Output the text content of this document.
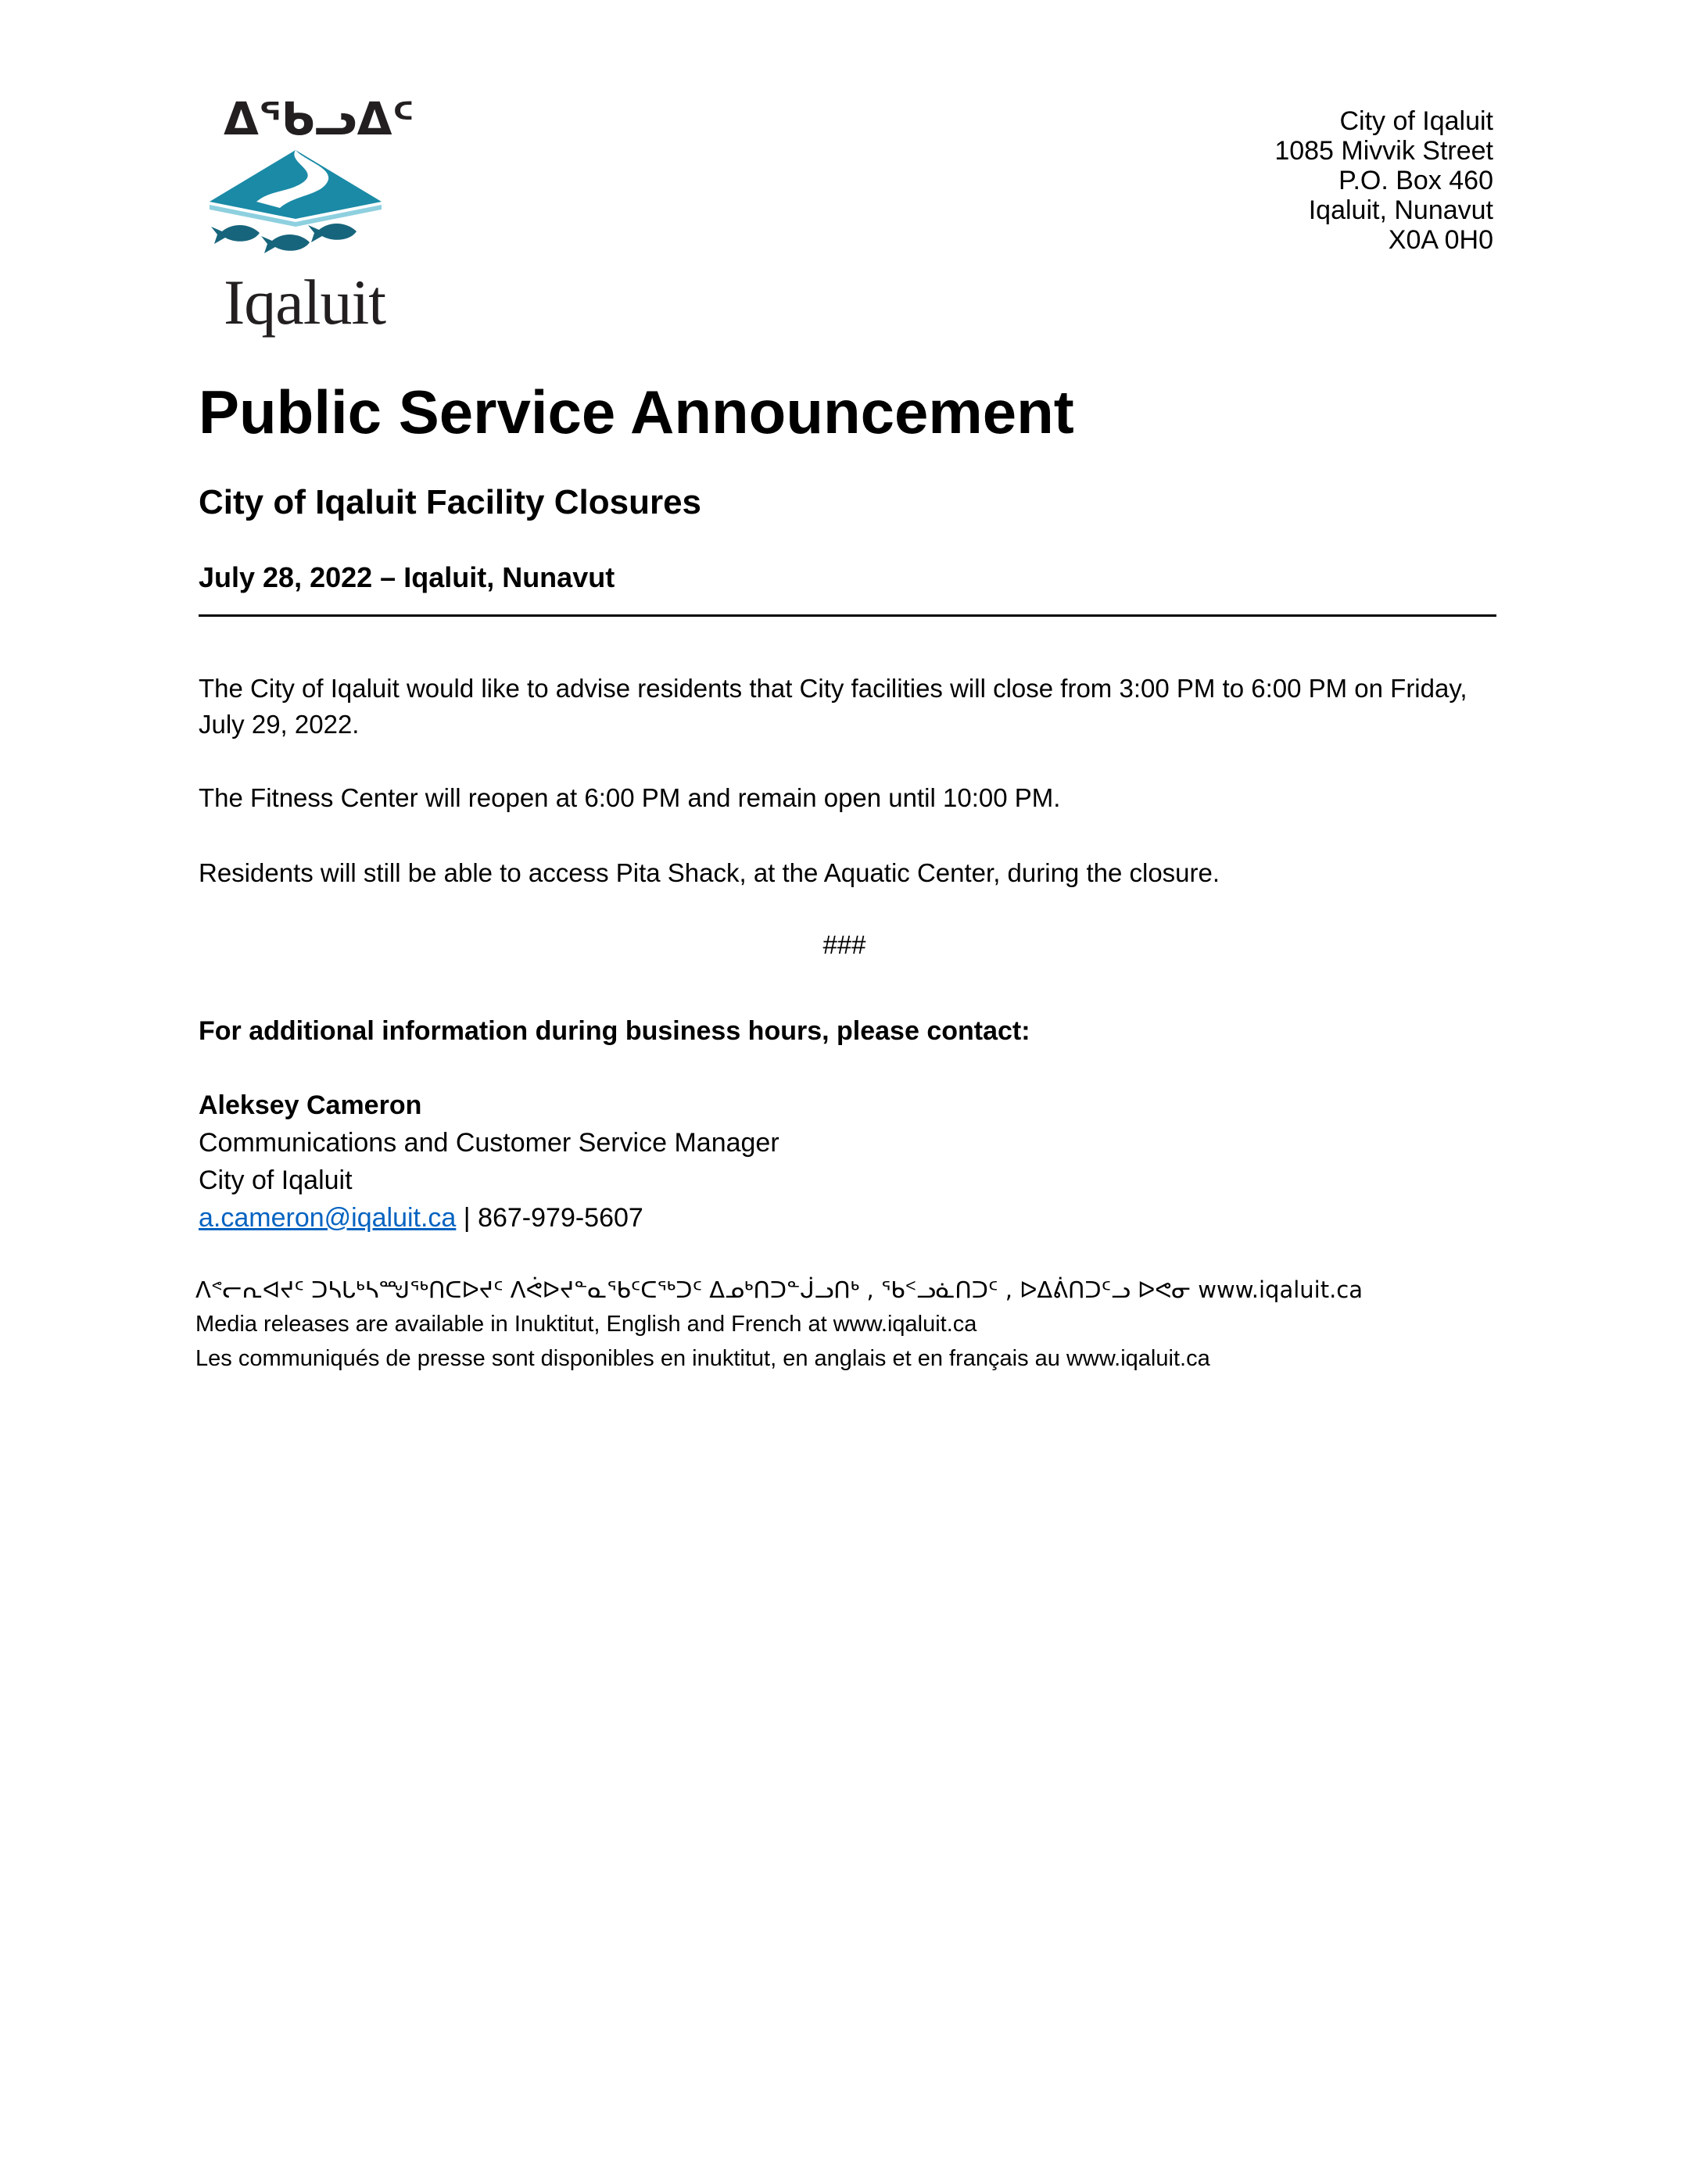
ᐃᖃᓗᐃᑦ
Iqaluit
City of Iqaluit
1085 Mivvik Street
P.O. Box 460
Iqaluit, Nunavut
X0A 0H0
Public Service Announcement
City of Iqaluit Facility Closures
July 28, 2022 – Iqaluit, Nunavut
The City of Iqaluit would like to advise residents that City facilities will close from 3:00 PM to 6:00 PM on Friday, July 29, 2022.
The Fitness Center will reopen at 6:00 PM and remain open until 10:00 PM.
Residents will still be able to access Pita Shack, at the Aquatic Center, during the closure.
###
For additional information during business hours, please contact:
Aleksey Cameron
Communications and Customer Service Manager
City of Iqaluit
a.cameron@iqaluit.ca | 867-979-5607
ᐱᕝᓕᕆᐊᔪᑦ ᑐᓴᒐᒃᓴᙳᖅᑎᑕᐅᔪᑦ ᐱᕚᐅᔪᓐᓇᖃᑦᑕᖅᑐᑦ ᐃᓄᒃᑎᑐᓐᒎᓗᑎᒃ , ᖃᑉᓗᓈᑎᑐᑦ , ᐅᐃᕖᑎᑐᑦᓗ ᐅᕙᓂ www.iqaluit.ca
Media releases are available in Inuktitut, English and French at www.iqaluit.ca
Les communiqués de presse sont disponibles en inuktitut, en anglais et en français au www.iqaluit.ca
